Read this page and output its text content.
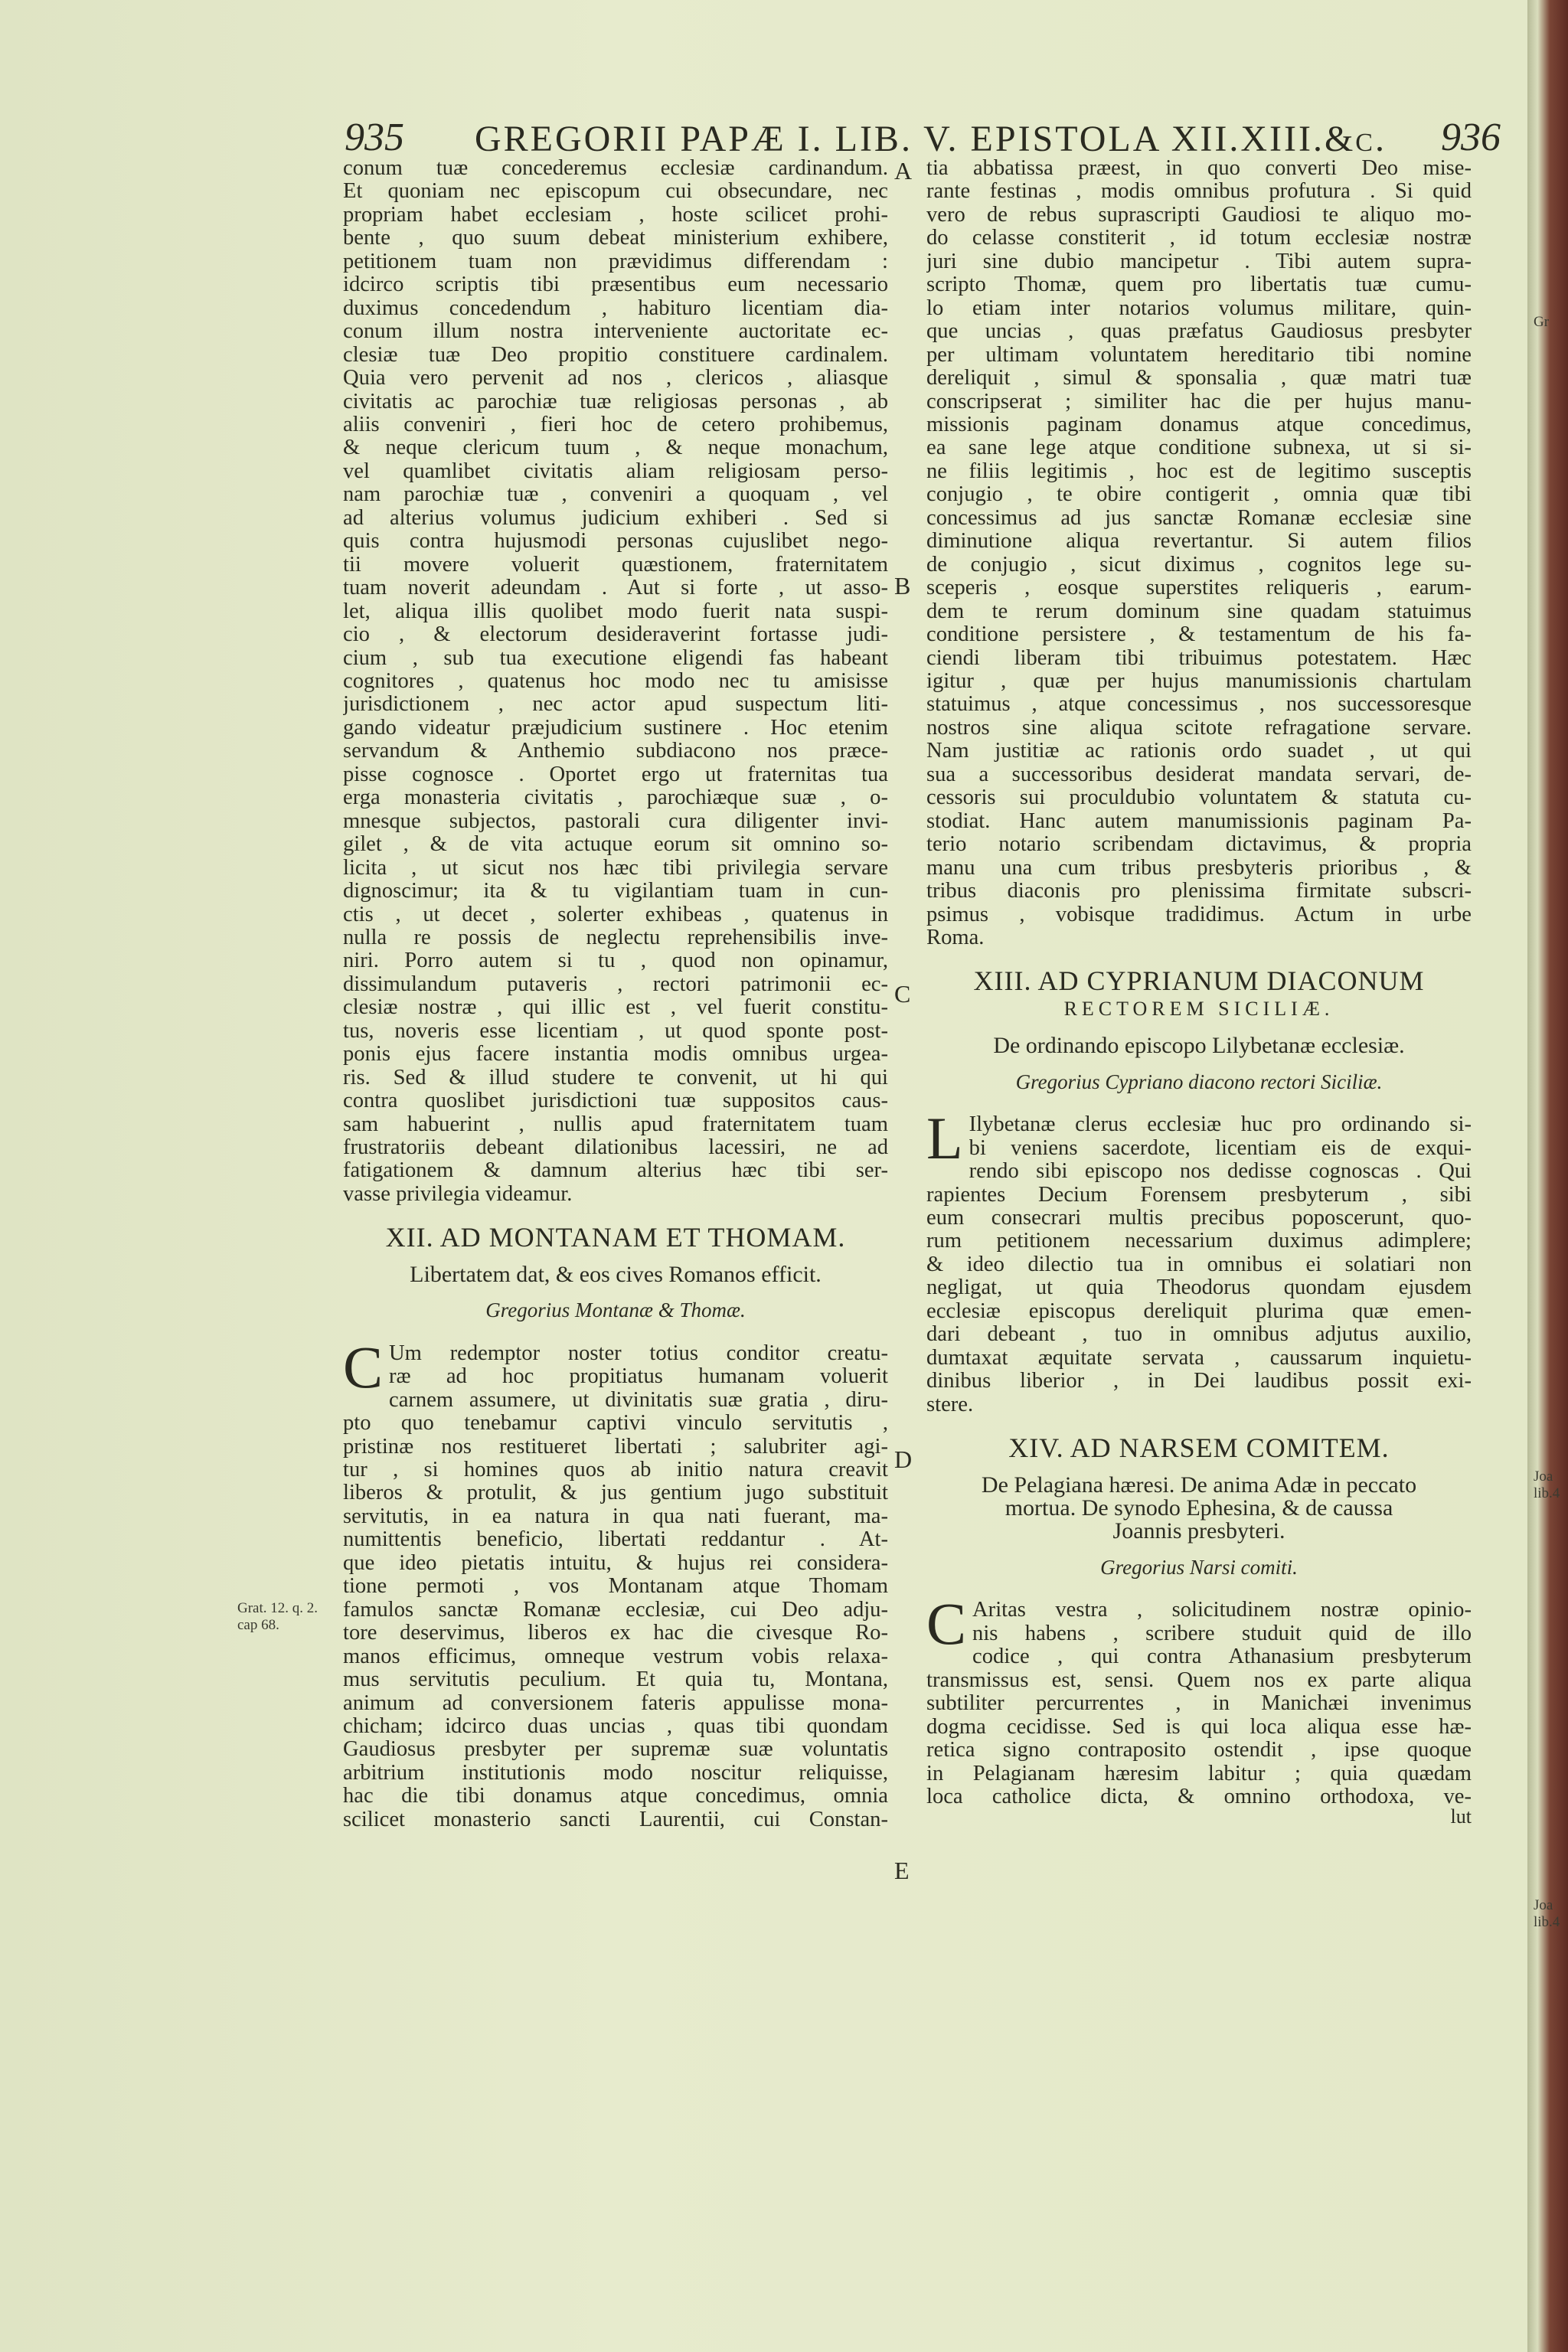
935 GREGORII PAPÆ I. LIB. V. EPISTOLA XII.XIII.&c. 936
A
B
C
D
E
Grat. 12. q. 2.
cap 68.
Gr
Joa
lib.4
Joa
lib.4
conum tuæ concederemus ecclesiæ cardinandum.
Et quoniam nec episcopum cui obsecundare, nec
propriam habet ecclesiam , hoste scilicet prohi-
bente , quo suum debeat ministerium exhibere,
petitionem tuam non prævidimus differendam :
idcirco scriptis tibi præsentibus eum necessario
duximus concedendum , habituro licentiam dia-
conum illum nostra interveniente auctoritate ec-
clesiæ tuæ Deo propitio constituere cardinalem.
Quia vero pervenit ad nos , clericos , aliasque
civitatis ac parochiæ tuæ religiosas personas , ab
aliis conveniri , fieri hoc de cetero prohibemus,
& neque clericum tuum , & neque monachum,
vel quamlibet civitatis aliam religiosam perso-
nam parochiæ tuæ , conveniri a quoquam , vel
ad alterius volumus judicium exhiberi . Sed si
quis contra hujusmodi personas cujuslibet nego-
tii movere voluerit quæstionem, fraternitatem
tuam noverit adeundam . Aut si forte , ut asso-
let, aliqua illis quolibet modo fuerit nata suspi-
cio , & electorum desideraverint fortasse judi-
cium , sub tua executione eligendi fas habeant
cognitores , quatenus hoc modo nec tu amisisse
jurisdictionem , nec actor apud suspectum liti-
gando videatur præjudicium sustinere . Hoc etenim
servandum & Anthemio subdiacono nos præce-
pisse cognosce . Oportet ergo ut fraternitas tua
erga monasteria civitatis , parochiæque suæ , o-
mnesque subjectos, pastorali cura diligenter invi-
gilet , & de vita actuque eorum sit omnino so-
licita , ut sicut nos hæc tibi privilegia servare
dignoscimur; ita & tu vigilantiam tuam in cun-
ctis , ut decet , solerter exhibeas , quatenus in
nulla re possis de neglectu reprehensibilis inve-
niri. Porro autem si tu , quod non opinamur,
dissimulandum putaveris , rectori patrimonii ec-
clesiæ nostræ , qui illic est , vel fuerit constitu-
tus, noveris esse licentiam , ut quod sponte post-
ponis ejus facere instantia modis omnibus urgea-
ris. Sed & illud studere te convenit, ut hi qui
contra quoslibet jurisdictioni tuæ suppositos caus-
sam habuerint , nullis apud fraternitatem tuam
frustratoriis debeant dilationibus lacessiri, ne ad
fatigationem & damnum alterius hæc tibi ser-
vasse privilegia videamur.
XII. AD MONTANAM ET THOMAM.
Libertatem dat, & eos cives Romanos efficit.
Gregorius Montanæ & Thomæ.
C Um redemptor noster totius conditor creatu-
ræ ad hoc propitiatus humanam voluerit
carnem assumere, ut divinitatis suæ gratia , diru-
pto quo tenebamur captivi vinculo servitutis ,
pristinæ nos restitueret libertati ; salubriter agi-
tur , si homines quos ab initio natura creavit
liberos & protulit, & jus gentium jugo substituit
servitutis, in ea natura in qua nati fuerant, ma-
numittentis beneficio, libertati reddantur . At-
que ideo pietatis intuitu, & hujus rei considera-
tione permoti , vos Montanam atque Thomam
famulos sanctæ Romanæ ecclesiæ, cui Deo adju-
tore deservimus, liberos ex hac die civesque Ro-
manos efficimus, omneque vestrum vobis relaxa-
mus servitutis peculium. Et quia tu, Montana,
animum ad conversionem fateris appulisse mona-
chicham; idcirco duas uncias , quas tibi quondam
Gaudiosus presbyter per supremæ suæ voluntatis
arbitrium institutionis modo noscitur reliquisse,
hac die tibi donamus atque concedimus, omnia
scilicet monasterio sancti Laurentii, cui Constan-
tia abbatissa præest, in quo converti Deo mise-
rante festinas , modis omnibus profutura . Si quid
vero de rebus suprascripti Gaudiosi te aliquo mo-
do celasse constiterit , id totum ecclesiæ nostræ
juri sine dubio mancipetur . Tibi autem supra-
scripto Thomæ, quem pro libertatis tuæ cumu-
lo etiam inter notarios volumus militare, quin-
que uncias , quas præfatus Gaudiosus presbyter
per ultimam voluntatem hereditario tibi nomine
dereliquit , simul & sponsalia , quæ matri tuæ
conscripserat ; similiter hac die per hujus manu-
missionis paginam donamus atque concedimus,
ea sane lege atque conditione subnexa, ut si si-
ne filiis legitimis , hoc est de legitimo susceptis
conjugio , te obire contigerit , omnia quæ tibi
concessimus ad jus sanctæ Romanæ ecclesiæ sine
diminutione aliqua revertantur. Si autem filios
de conjugio , sicut diximus , cognitos lege su-
sceperis , eosque superstites reliqueris , earum-
dem te rerum dominum sine quadam statuimus
conditione persistere , & testamentum de his fa-
ciendi liberam tibi tribuimus potestatem. Hæc
igitur , quæ per hujus manumissionis chartulam
statuimus , atque concessimus , nos successoresque
nostros sine aliqua scitote refragatione servare.
Nam justitiæ ac rationis ordo suadet , ut qui
sua a successoribus desiderat mandata servari, de-
cessoris sui proculdubio voluntatem & statuta cu-
stodiat. Hanc autem manumissionis paginam Pa-
terio notario scribendam dictavimus, & propria
manu una cum tribus presbyteris prioribus , &
tribus diaconis pro plenissima firmitate subscri-
psimus , vobisque tradidimus. Actum in urbe
Roma.
XIII. AD CYPRIANUM DIACONUM
RECTOREM SICILIÆ.
De ordinando episcopo Lilybetanæ ecclesiæ.
Gregorius Cypriano diacono rectori Siciliæ.
L Ilybetanæ clerus ecclesiæ huc pro ordinando si-
bi veniens sacerdote, licentiam eis de exqui-
rendo sibi episcopo nos dedisse cognoscas . Qui
rapientes Decium Forensem presbyterum , sibi
eum consecrari multis precibus poposcerunt, quo-
rum petitionem necessarium duximus adimplere;
& ideo dilectio tua in omnibus ei solatiari non
negligat, ut quia Theodorus quondam ejusdem
ecclesiæ episcopus dereliquit plurima quæ emen-
dari debeant , tuo in omnibus adjutus auxilio,
dumtaxat æquitate servata , caussarum inquietu-
dinibus liberior , in Dei laudibus possit exi-
stere.
XIV. AD NARSEM COMITEM.
De Pelagiana hæresi. De anima Adæ in peccato
mortua. De synodo Ephesina, & de caussa
Joannis presbyteri.
Gregorius Narsi comiti.
C Aritas vestra , solicitudinem nostræ opinio-
nis habens , scribere studuit quid de illo
codice , qui contra Athanasium presbyterum
transmissus est, sensi. Quem nos ex parte aliqua
subtiliter percurrentes , in Manichæi invenimus
dogma cecidisse. Sed is qui loca aliqua esse hæ-
retica signo contraposito ostendit , ipse quoque
in Pelagianam hæresim labitur ; quia quædam
loca catholice dicta, & omnino orthodoxa, ve-
lut
